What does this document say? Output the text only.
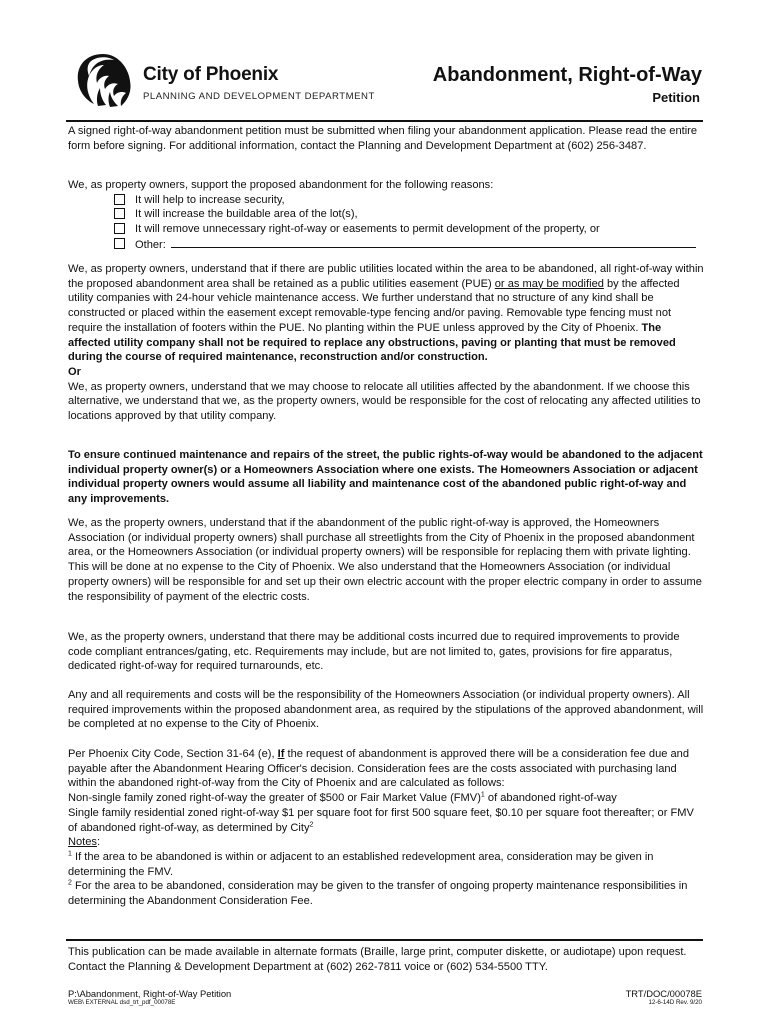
City of Phoenix
PLANNING AND DEVELOPMENT DEPARTMENT
Abandonment, Right-of-Way
Petition

A signed right-of-way abandonment petition must be submitted when filing your abandonment application. Please read the entire form before signing. For additional information, contact the Planning and Development Department at (602) 256-3487.

We, as property owners, support the proposed abandonment for the following reasons:

It will help to increase security,
It will increase the buildable area of the lot(s),
It will remove unnecessary right-of-way or easements to permit development of the property, or
Other:

We, as property owners, understand that if there are public utilities located within the area to be abandoned, all right-of-way within the proposed abandonment area shall be retained as a public utilities easement (PUE) or as may be modified by the affected utility companies with 24-hour vehicle maintenance access. We further understand that no structure of any kind shall be constructed or placed within the easement except removable-type fencing and/or paving. Removable type fencing must not require the installation of footers within the PUE. No planting within the PUE unless approved by the City of Phoenix. The affected utility company shall not be required to replace any obstructions, paving or planting that must be removed during the course of required maintenance, reconstruction and/or construction.

Or

We, as property owners, understand that we may choose to relocate all utilities affected by the abandonment. If we choose this alternative, we understand that we, as the property owners, would be responsible for the cost of relocating any affected utilities to locations approved by that utility company.

To ensure continued maintenance and repairs of the street, the public rights-of-way would be abandoned to the adjacent individual property owner(s) or a Homeowners Association where one exists. The Homeowners Association or adjacent individual property owners would assume all liability and maintenance cost of the abandoned public right-of-way and any improvements.

We, as the property owners, understand that if the abandonment of the public right-of-way is approved, the Homeowners Association (or individual property owners) shall purchase all streetlights from the City of Phoenix in the proposed abandonment area, or the Homeowners Association (or individual property owners) will be responsible for replacing them with private lighting. This will be done at no expense to the City of Phoenix. We also understand that the Homeowners Association (or individual property owners) will be responsible for and set up their own electric account with the proper electric company in order to assume the responsibility of payment of the electric costs.

We, as the property owners, understand that there may be additional costs incurred due to required improvements to provide code compliant entrances/gating, etc. Requirements may include, but are not limited to, gates, provisions for fire apparatus, dedicated right-of-way for required turnarounds, etc.

Any and all requirements and costs will be the responsibility of the Homeowners Association (or individual property owners). All required improvements within the proposed abandonment area, as required by the stipulations of the approved abandonment, will be completed at no expense to the City of Phoenix.

Per Phoenix City Code, Section 31-64 (e), If the request of abandonment is approved there will be a consideration fee due and payable after the Abandonment Hearing Officer's decision. Consideration fees are the costs associated with purchasing land within the abandoned right-of-way from the City of Phoenix and are calculated as follows:

Non-single family zoned right-of-way the greater of $500 or Fair Market Value (FMV)$^1$ of abandoned right-of-way

Single family residential zoned right-of-way $1 per square foot for first 500 square feet, $0.10 per square foot thereafter; or FMV of abandoned right-of-way, as determined by City$^2$

Notes:

$^1$ If the area to be abandoned is within or adjacent to an established redevelopment area, consideration may be given in determining the FMV.

$^2$ For the area to be abandoned, consideration may be given to the transfer of ongoing property maintenance responsibilities in determining the Abandonment Consideration Fee.

This publication can be made available in alternate formats (Braille, large print, computer diskette, or audiotape) upon request. Contact the Planning & Development Department at (602) 262-7811 voice or (602) 534-5500 TTY.
P:\Abandonment, Right-of-Way Petition
WEB\ EXTERNAL dsd_trt_pdf_00078E
TRT/DOC/00078E
12-6-14D Rev. 9/20
